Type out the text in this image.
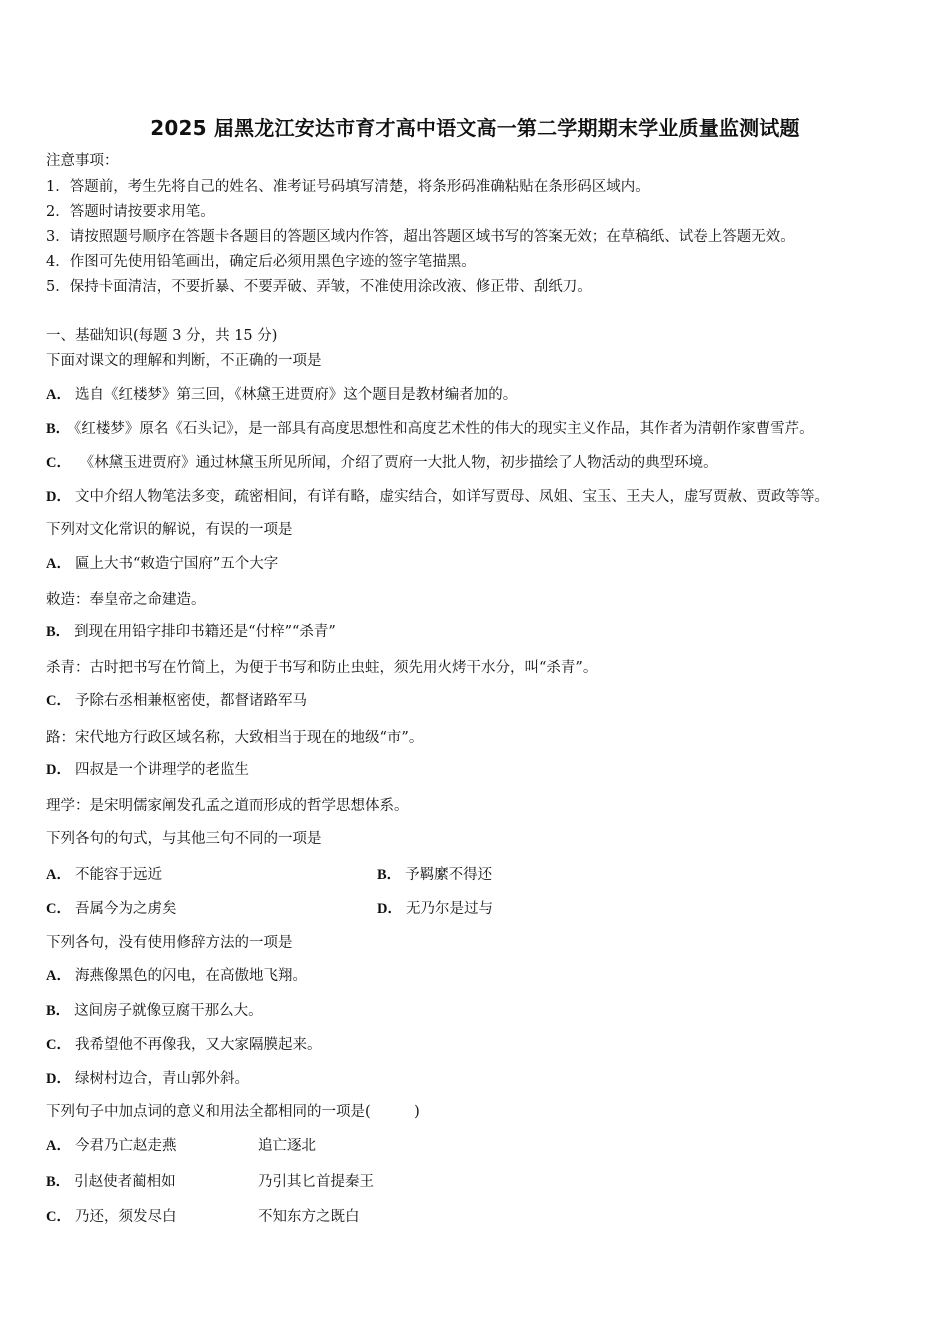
2025 届黑龙江安达市育才高中语文高一第二学期期末学业质量监测试题
注意事项：
1．答题前，考生先将自己的姓名、准考证号码填写清楚，将条形码准确粘贴在条形码区域内。
2．答题时请按要求用笔。
3．请按照题号顺序在答题卡各题目的答题区域内作答，超出答题区域书写的答案无效；在草稿纸、试卷上答题无效。
4．作图可先使用铅笔画出，确定后必须用黑色字迹的签字笔描黑。
5．保持卡面清洁，不要折暴、不要弄破、弄皱，不准使用涂改液、修正带、刮纸刀。
一、基础知识(每题 3 分，共 15 分)
下面对课文的理解和判断，不正确的一项是
A． 选自《红楼梦》第三回，《林黛王进贾府》这个题目是教材编者加的。
B． 《红楼梦》原名《石头记》，是一部具有高度思想性和高度艺术性的伟大的现实主义作品，其作者为清朝作家曹雪芹。
C． 《林黛玉进贾府》通过林黛玉所见所闻，介绍了贾府一大批人物，初步描绘了人物活动的典型环境。
D． 文中介绍人物笔法多变，疏密相间，有详有略，虚实结合，如详写贾母、凤姐、宝玉、王夫人，虚写贾赦、贾政等等。
下列对文化常识的解说，有误的一项是
A． 匾上大书“敕造宁国府”五个大字
敕造：奉皇帝之命建造。
B． 到现在用铅字排印书籍还是“付梓”“杀青”
杀青：古时把书写在竹简上，为便于书写和防止虫蛀，须先用火烤干水分，叫“杀青”。
C． 予除右丞相兼枢密使，都督诸路军马
路：宋代地方行政区域名称，大致相当于现在的地级“市”。
D． 四叔是一个讲理学的老监生
理学：是宋明儒家阐发孔孟之道而形成的哲学思想体系。
下列各句的句式，与其他三句不同的一项是
A． 不能容于远近	B． 予羁縻不得还
C． 吾属今为之虏矣	D． 无乃尔是过与
下列各句，没有使用修辞方法的一项是
A． 海燕像黑色的闪电，在高傲地飞翔。
B． 这间房子就像豆腐干那么大。
C． 我希望他不再像我，又大家隔膜起来。
D． 绿树村边合，青山郭外斜。
下列句子中加点词的意义和用法全都相同的一项是(　　　)
A． 今君乃亡赵走燕	追亡逐北
B． 引赵使者蔺相如	乃引其匕首提秦王
C． 乃还，须发尽白	不知东方之既白
